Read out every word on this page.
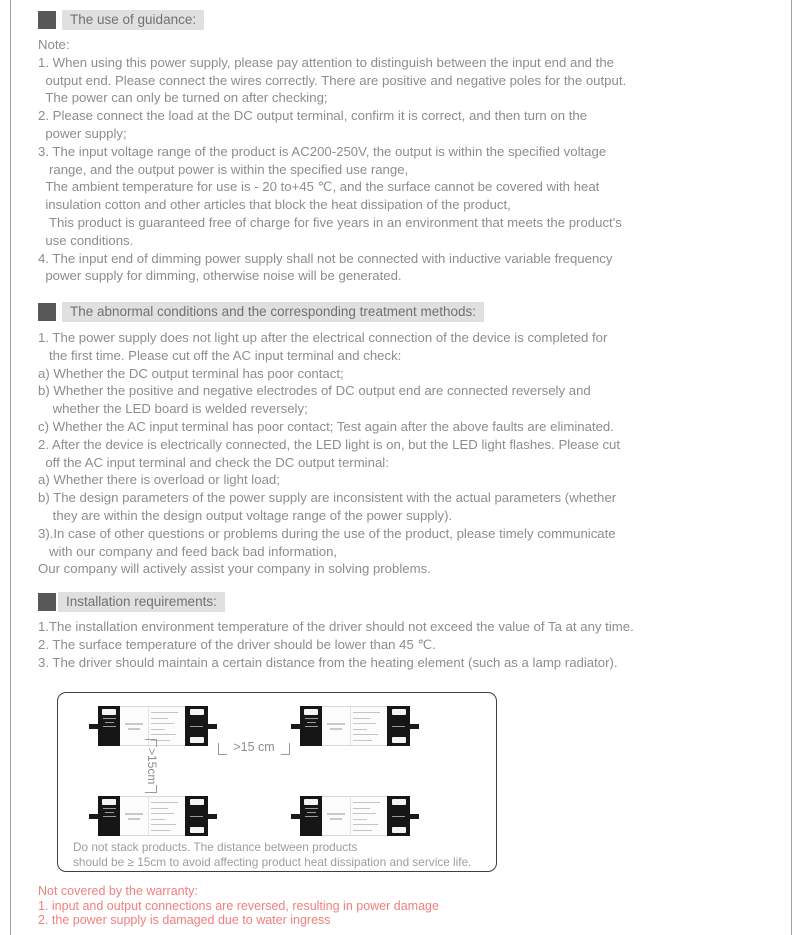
The use of guidance:
Note:
1. When using this power supply, please pay attention to distinguish between the input end and the
output end. Please connect the wires correctly. There are positive and negative poles for the output.
The power can only be turned on after checking;
2. Please connect the load at the DC output terminal, confirm it is correct, and then turn on the
power supply;
3. The input voltage range of the product is AC200-250V, the output is within the specified voltage
range, and the output power is within the specified use range,
The ambient temperature for use is - 20 to+45 ℃, and the surface cannot be covered with heat
insulation cotton and other articles that block the heat dissipation of the product,
This product is guaranteed free of charge for five years in an environment that meets the product's
use conditions.
4. The input end of dimming power supply shall not be connected with inductive variable frequency
power supply for dimming, otherwise noise will be generated.
The abnormal conditions and the corresponding treatment methods:
1. The power supply does not light up after the electrical connection of the device is completed for
the first time. Please cut off the AC input terminal and check:
a) Whether the DC output terminal has poor contact;
b) Whether the positive and negative electrodes of DC output end are connected reversely and
whether the LED board is welded reversely;
c) Whether the AC input terminal has poor contact; Test again after the above faults are eliminated.
2. After the device is electrically connected, the LED light is on, but the LED light flashes. Please cut
off the AC input terminal and check the DC output terminal:
a) Whether there is overload or light load;
b) The design parameters of the power supply are inconsistent with the actual parameters (whether
they are within the design output voltage range of the power supply).
3).In case of other questions or problems during the use of the product, please timely communicate
with our company and feed back bad information,
Our company will actively assist your company in solving problems.
Installation requirements:
1.The installation environment temperature of the driver should not exceed the value of Ta at any time.
2. The surface temperature of the driver should be lower than 45 ℃.
3. The driver should maintain a certain distance from the heating element (such as a lamp radiator).
>15 cm
>15cm
Do not stack products. The distance between products
should be ≥ 15cm to avoid affecting product heat dissipation and service life.
Not covered by the warranty:
1. input and output connections are reversed, resulting in power damage
2. the power supply is damaged due to water ingress
